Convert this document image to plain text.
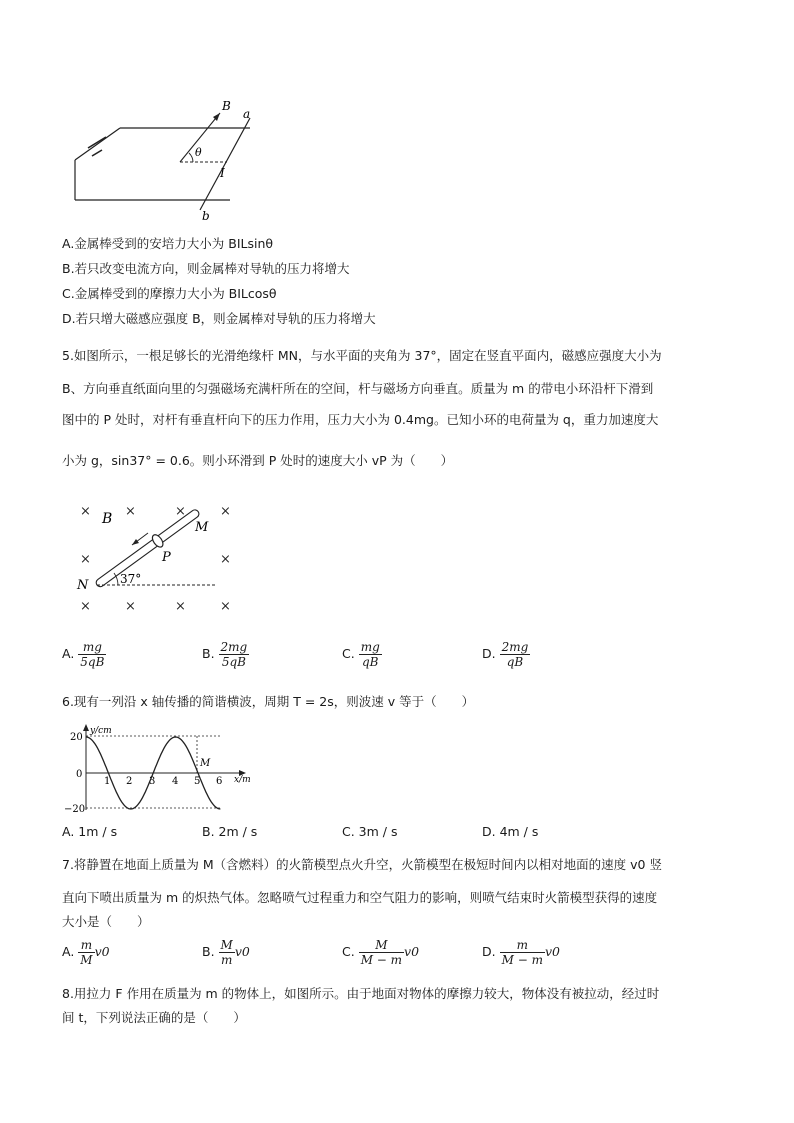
B
a
θ
I
b
A.金属棒受到的安培力大小为 BILsinθ
B.若只改变电流方向，则金属棒对导轨的压力将增大
C.金属棒受到的摩擦力大小为 BILcosθ
D.若只增大磁感应强度 B，则金属棒对导轨的压力将增大
5.如图所示，一根足够长的光滑绝缘杆 MN，与水平面的夹角为 37°，固定在竖直平面内，磁感应强度大小为
B、方向垂直纸面向里的匀强磁场充满杆所在的空间，杆与磁场方向垂直。质量为 m 的带电小环沿杆下滑到
图中的 P 处时，对杆有垂直杆向下的压力作用，压力大小为 0.4mg。已知小环的电荷量为 q，重力加速度大
小为 g，sin37° = 0.6。则小环滑到 P 处时的速度大小 vP 为（　　）
×	×	×	×
×	×
×	×	×	×
B
M
N
P
37°
A. $\frac{mg}{5qB}$	B. $\frac{2mg}{5qB}$	C. $\frac{mg}{qB}$	D. $\frac{2mg}{qB}$
6.现有一列沿 x 轴传播的简谐横波，周期 T = 2s，则波速 v 等于（　　）
y/cm
x/m
20
0
−20
1 2 3 4 5 6
M
A. 1m / s	B. 2m / s	C. 3m / s	D. 4m / s
7.将静置在地面上质量为 M（含燃料）的火箭模型点火升空，火箭模型在极短时间内以相对地面的速度 v0 竖
直向下喷出质量为 m 的炽热气体。忽略喷气过程重力和空气阻力的影响，则喷气结束时火箭模型获得的速度
大小是（　　）
A. $\frac{m}{M} v0$	B. $\frac{M}{m} v0$	C. $\frac{M}{M - m} v0$	D. $\frac{m}{M - m} v0$
8.用拉力 F 作用在质量为 m 的物体上，如图所示。由于地面对物体的摩擦力较大，物体没有被拉动，经过时
间 t，下列说法正确的是（　　）
